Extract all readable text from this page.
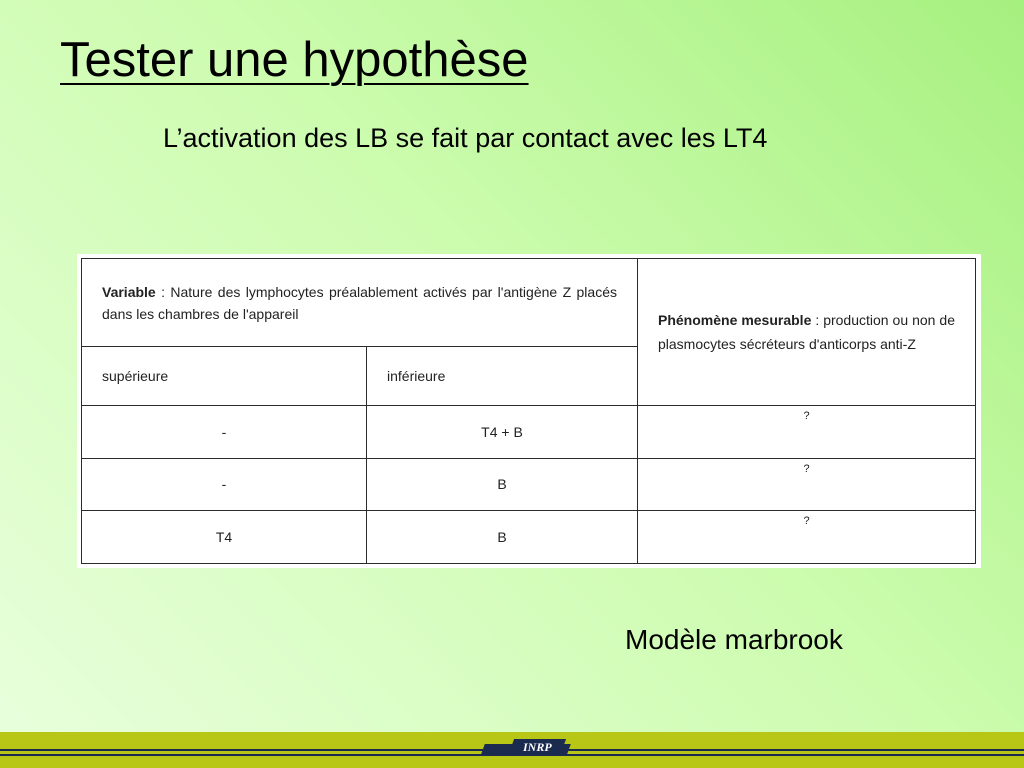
Tester une hypothèse
L’activation des LB se fait par contact avec les LT4
Variable : Nature des lymphocytes préalablement activés par l'antigène Z placés dans les chambres de l'appareil		Phénomène mesurable : production ou non de plasmocytes sécréteurs d'anticorps anti-Z
supérieure	inférieure	
-	T4 + B	?
-	B	?
T4	B	?
Modèle marbrook
INRP
